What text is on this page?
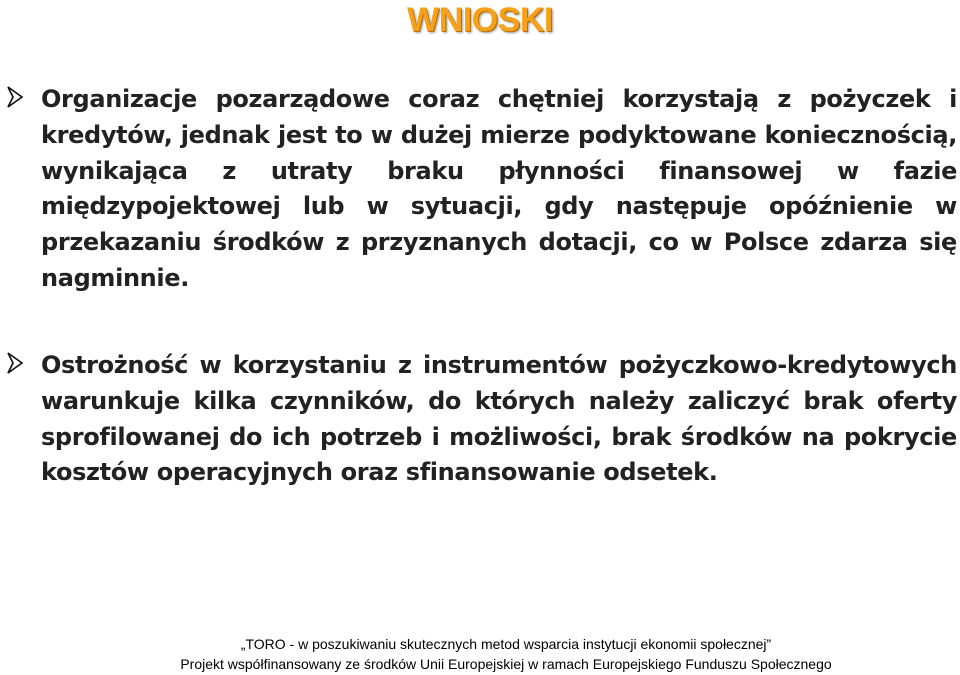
WNIOSKI
Organizacje pozarządowe coraz chętniej korzystają z pożyczek i kredytów, jednak jest to w dużej mierze podyktowane koniecznością, wynikająca z utraty braku płynności finansowej w fazie międzypojektowej lub w sytuacji, gdy następuje opóźnienie w przekazaniu środków z przyznanych dotacji, co w Polsce zdarza się nagminnie.
Ostrożność w korzystaniu z instrumentów pożyczkowo-kredytowych warunkuje kilka czynników, do których należy zaliczyć brak oferty sprofilowanej do ich potrzeb i możliwości, brak środków na pokrycie kosztów operacyjnych oraz sfinansowanie odsetek.
„TORO - w poszukiwaniu skutecznych metod wsparcia instytucji ekonomii społecznej”
Projekt współfinansowany ze środków Unii Europejskiej w ramach Europejskiego Funduszu Społecznego
